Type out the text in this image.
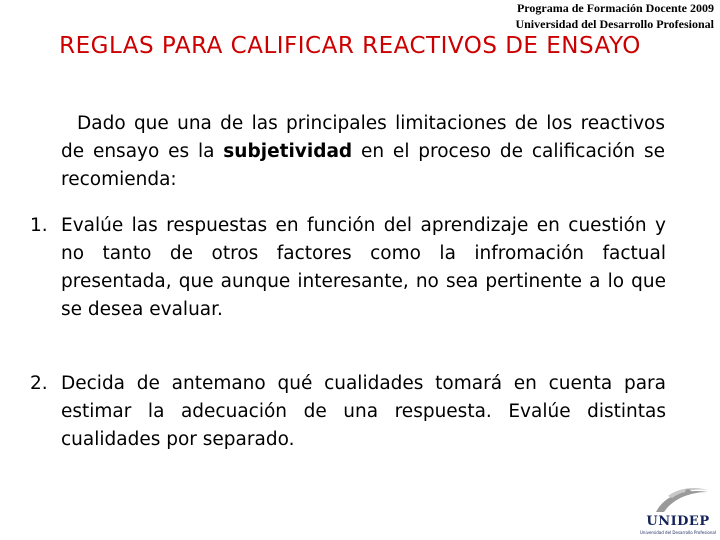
Programa de Formación Docente 2009
Universidad del Desarrollo Profesional
REGLAS PARA CALIFICAR REACTIVOS DE ENSAYO
Dado que una de las principales limitaciones de los reactivos de ensayo es la subjetividad en el proceso de calificación se recomienda:
1. Evalúe las respuestas en función del aprendizaje en cuestión y no tanto de otros factores como la infromación factual presentada, que aunque interesante, no sea pertinente a lo que se desea evaluar.
2. Decida de antemano qué cualidades tomará en cuenta para estimar la adecuación de una respuesta. Evalúe distintas cualidades por separado.
UNIDEP
Universidad del Desarrollo Profesional
